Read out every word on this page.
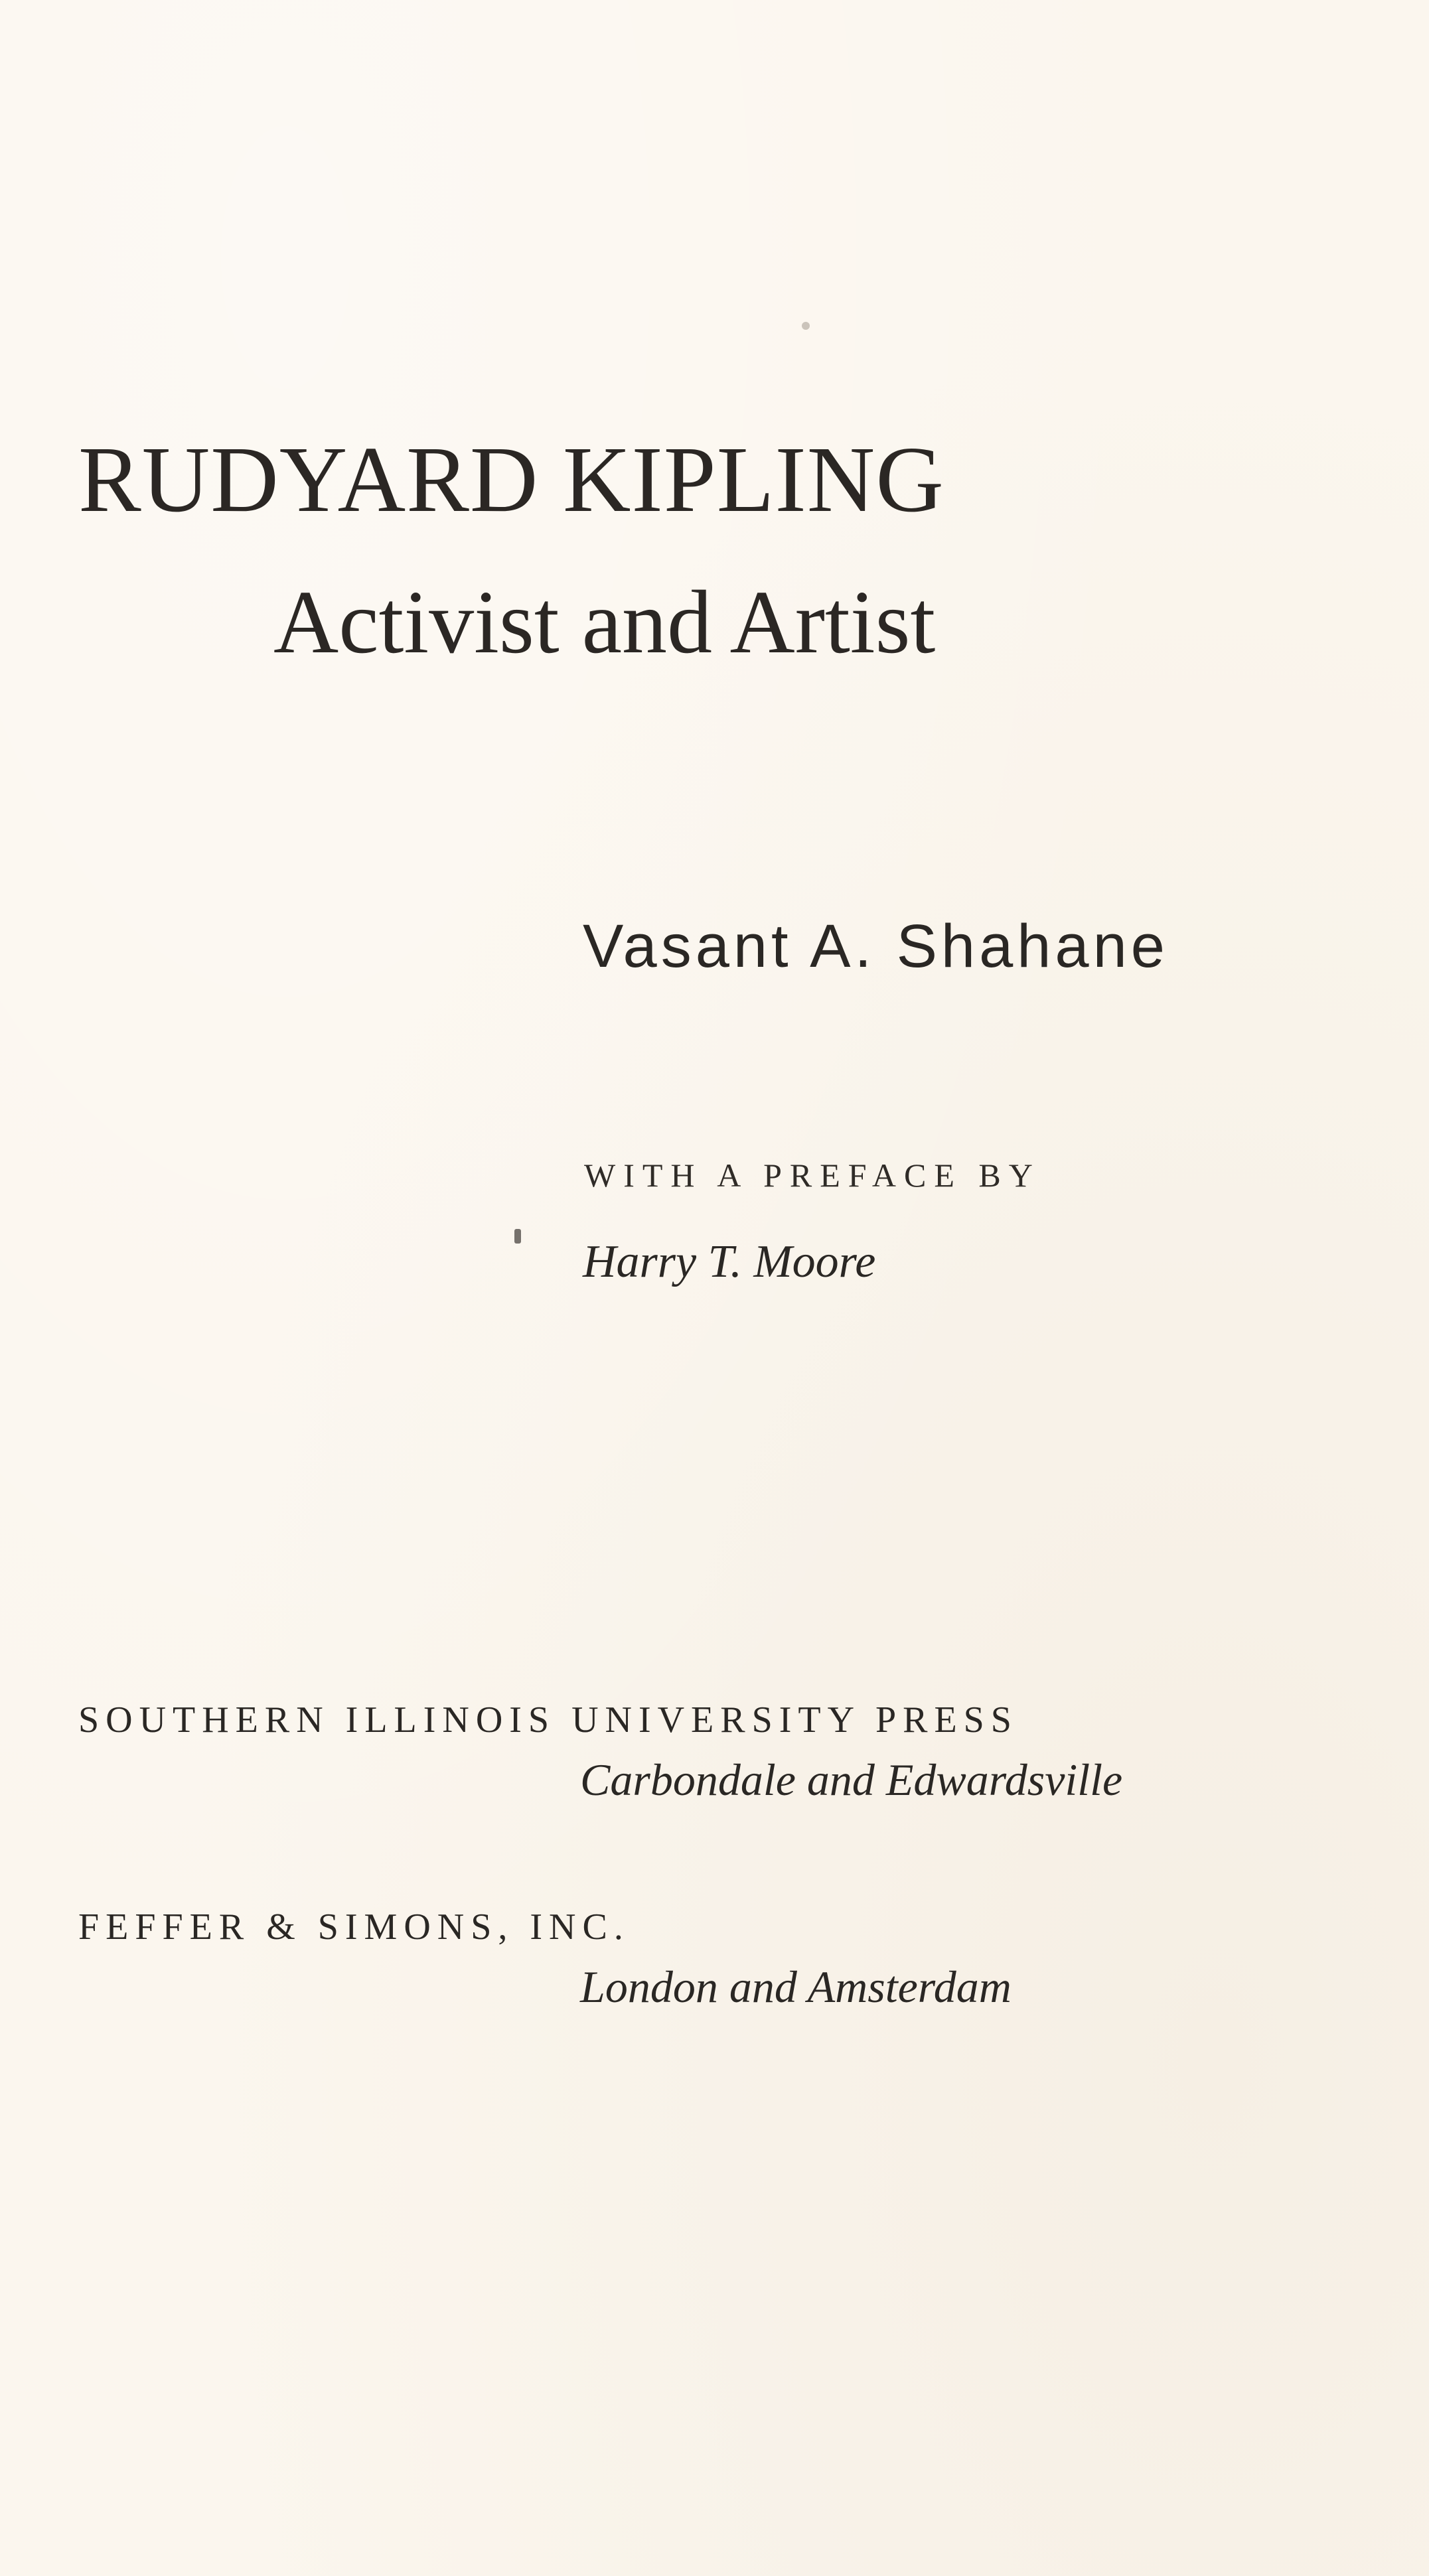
RUDYARD KIPLING
Activist and Artist
Vasant A. Shahane
WITH A PREFACE BY
Harry T. Moore
SOUTHERN ILLINOIS UNIVERSITY PRESS
Carbondale and Edwardsville
FEFFER & SIMONS, INC.
London and Amsterdam
